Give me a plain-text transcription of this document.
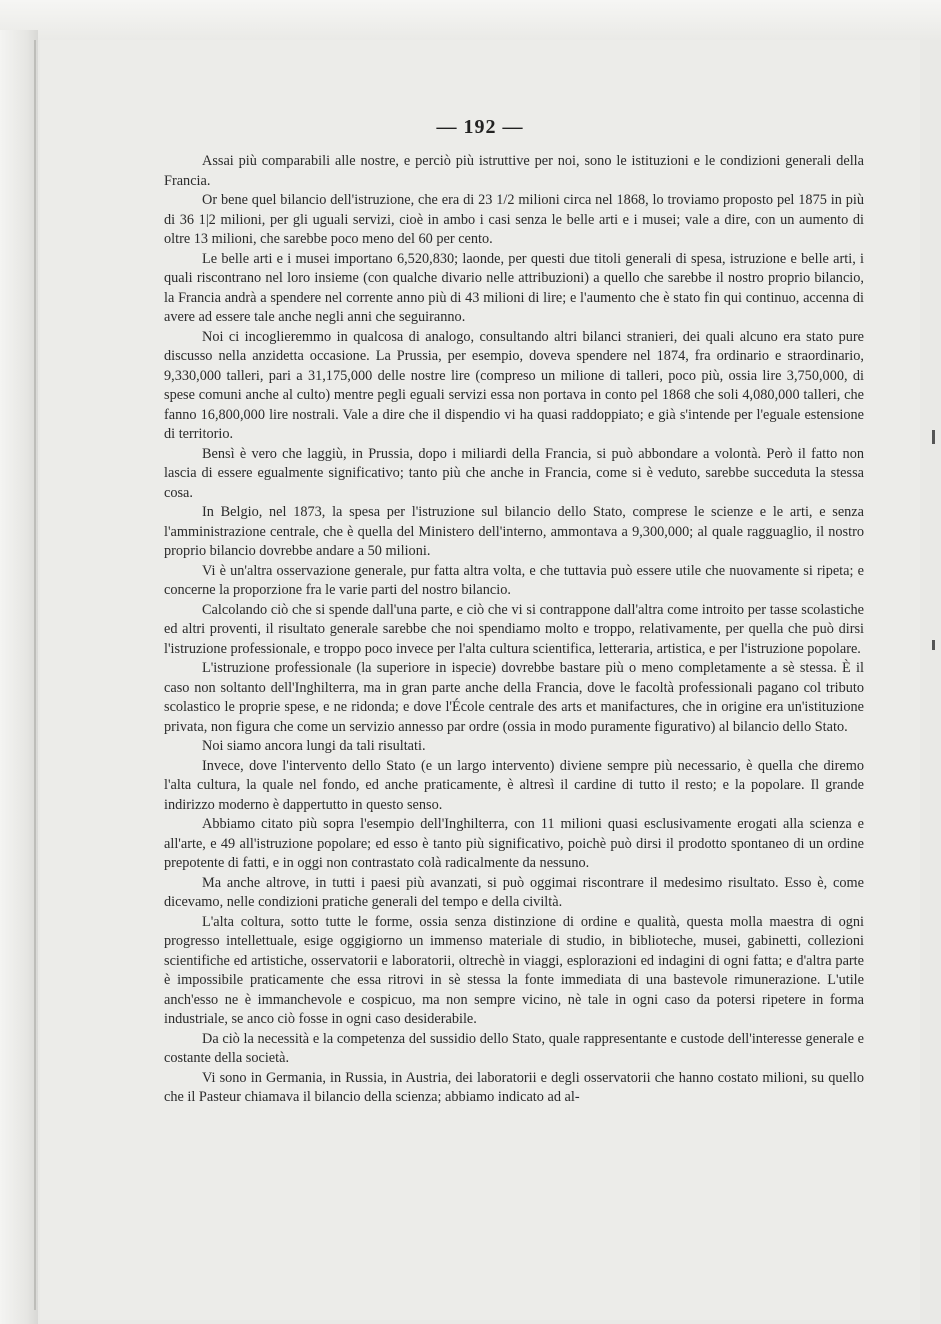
— 192 —

Assai più comparabili alle nostre, e perciò più istruttive per noi, sono le istituzioni e le condizioni generali della Francia.

Or bene quel bilancio dell'istruzione, che era di 23 1/2 milioni circa nel 1868, lo troviamo proposto pel 1875 in più di 36 1|2 milioni, per gli uguali servizi, cioè in ambo i casi senza le belle arti e i musei; vale a dire, con un aumento di oltre 13 milioni, che sarebbe poco meno del 60 per cento.

Le belle arti e i musei importano 6,520,830; laonde, per questi due titoli generali di spesa, istruzione e belle arti, i quali riscontrano nel loro insieme (con qualche divario nelle attribuzioni) a quello che sarebbe il nostro proprio bilancio, la Francia andrà a spendere nel corrente anno più di 43 milioni di lire; e l'aumento che è stato fin qui continuo, accenna di avere ad essere tale anche negli anni che seguiranno.

Noi ci incoglieremmo in qualcosa di analogo, consultando altri bilanci stranieri, dei quali alcuno era stato pure discusso nella anzidetta occasione. La Prussia, per esempio, doveva spendere nel 1874, fra ordinario e straordinario, 9,330,000 talleri, pari a 31,175,000 delle nostre lire (compreso un milione di talleri, poco più, ossia lire 3,750,000, di spese comuni anche al culto) mentre pegli eguali servizi essa non portava in conto pel 1868 che soli 4,080,000 talleri, che fanno 16,800,000 lire nostrali. Vale a dire che il dispendio vi ha quasi raddoppiato; e già s'intende per l'eguale estensione di territorio.

Bensì è vero che laggiù, in Prussia, dopo i miliardi della Francia, si può abbondare a volontà. Però il fatto non lascia di essere egualmente significativo; tanto più che anche in Francia, come si è veduto, sarebbe succeduta la stessa cosa.

In Belgio, nel 1873, la spesa per l'istruzione sul bilancio dello Stato, comprese le scienze e le arti, e senza l'amministrazione centrale, che è quella del Ministero dell'interno, ammontava a 9,300,000; al quale ragguaglio, il nostro proprio bilancio dovrebbe andare a 50 milioni.

Vi è un'altra osservazione generale, pur fatta altra volta, e che tuttavia può essere utile che nuovamente si ripeta; e concerne la proporzione fra le varie parti del nostro bilancio.

Calcolando ciò che si spende dall'una parte, e ciò che vi si contrappone dall'altra come introito per tasse scolastiche ed altri proventi, il risultato generale sarebbe che noi spendiamo molto e troppo, relativamente, per quella che può dirsi l'istruzione professionale, e troppo poco invece per l'alta cultura scientifica, letteraria, artistica, e per l'istruzione popolare.

L'istruzione professionale (la superiore in ispecie) dovrebbe bastare più o meno completamente a sè stessa. È il caso non soltanto dell'Inghilterra, ma in gran parte anche della Francia, dove le facoltà professionali pagano col tributo scolastico le proprie spese, e ne ridonda; e dove l'École centrale des arts et manifactures, che in origine era un'istituzione privata, non figura che come un servizio annesso par ordre (ossia in modo puramente figurativo) al bilancio dello Stato.

Noi siamo ancora lungi da tali risultati.

Invece, dove l'intervento dello Stato (e un largo intervento) diviene sempre più necessario, è quella che diremo l'alta cultura, la quale nel fondo, ed anche praticamente, è altresì il cardine di tutto il resto; e la popolare. Il grande indirizzo moderno è dappertutto in questo senso.

Abbiamo citato più sopra l'esempio dell'Inghilterra, con 11 milioni quasi esclusivamente erogati alla scienza e all'arte, e 49 all'istruzione popolare; ed esso è tanto più significativo, poichè può dirsi il prodotto spontaneo di un ordine prepotente di fatti, e in oggi non contrastato colà radicalmente da nessuno.

Ma anche altrove, in tutti i paesi più avanzati, si può oggimai riscontrare il medesimo risultato. Esso è, come dicevamo, nelle condizioni pratiche generali del tempo e della civiltà.

L'alta coltura, sotto tutte le forme, ossia senza distinzione di ordine e qualità, questa molla maestra di ogni progresso intellettuale, esige oggigiorno un immenso materiale di studio, in biblioteche, musei, gabinetti, collezioni scientifiche ed artistiche, osservatorii e laboratorii, oltrechè in viaggi, esplorazioni ed indagini di ogni fatta; e d'altra parte è impossibile praticamente che essa ritrovi in sè stessa la fonte immediata di una bastevole rimunerazione. L'utile anch'esso ne è immanchevole e cospicuo, ma non sempre vicino, nè tale in ogni caso da potersi ripetere in forma industriale, se anco ciò fosse in ogni caso desiderabile.

Da ciò la necessità e la competenza del sussidio dello Stato, quale rappresentante e custode dell'interesse generale e costante della società.

Vi sono in Germania, in Russia, in Austria, dei laboratorii e degli osservatorii che hanno costato milioni, su quello che il Pasteur chiamava il bilancio della scienza; abbiamo indicato ad al-
